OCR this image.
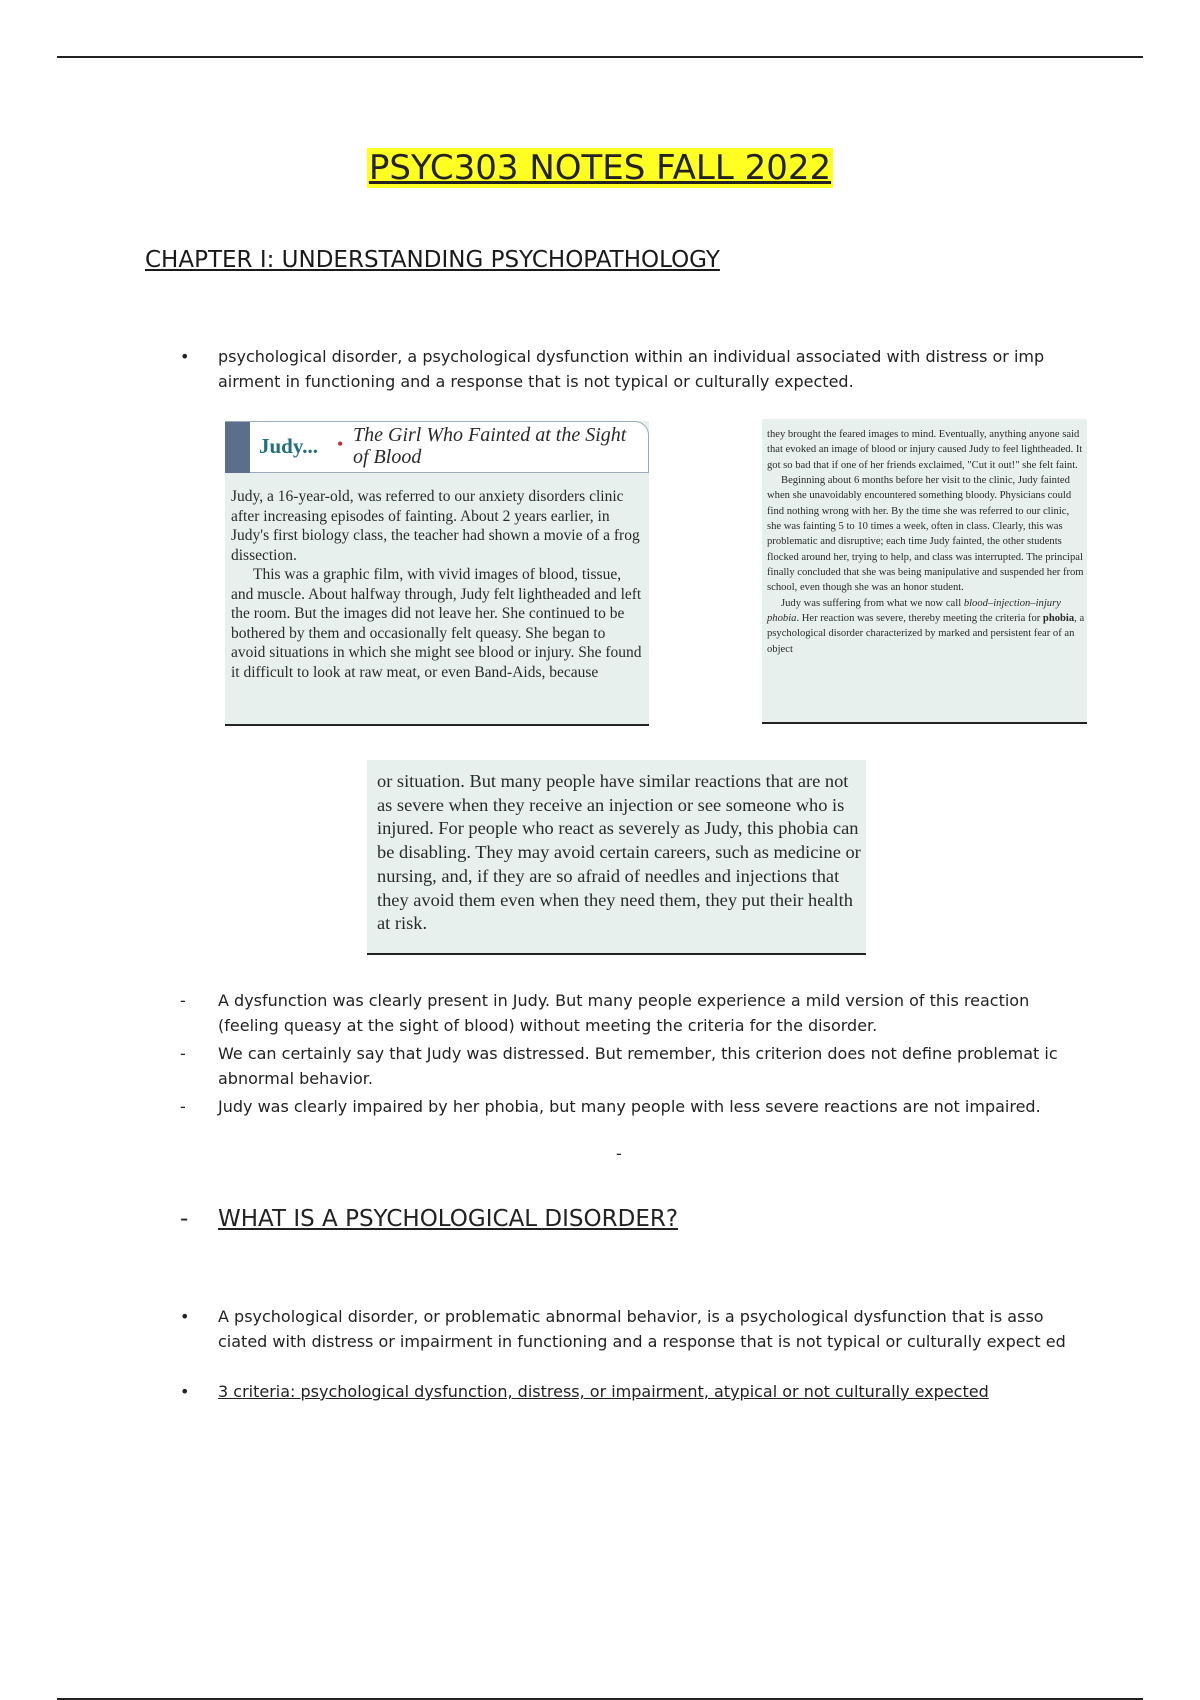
PSYC303 NOTES FALL 2022
CHAPTER I: UNDERSTANDING PSYCHOPATHOLOGY
•	psychological disorder, a psychological dysfunction within an individual associated with distress or imp airment in functioning and a response that is not typical or culturally expected.
Judy... • The Girl Who Fainted at the Sight of Blood

Judy, a 16-year-old, was referred to our anxiety disorders clinic after increasing episodes of fainting. About 2 years earlier, in Judy's first biology class, the teacher had shown a movie of a frog dissection.

This was a graphic film, with vivid images of blood, tissue, and muscle. About halfway through, Judy felt lightheaded and left the room. But the images did not leave her. She continued to be bothered by them and occasionally felt queasy. She began to avoid situations in which she might see blood or injury. She found it difficult to look at raw meat, or even Band-Aids, because

they brought the feared images to mind. Eventually, anything anyone said that evoked an image of blood or injury caused Judy to feel lightheaded. It got so bad that if one of her friends exclaimed, "Cut it out!" she felt faint.

Beginning about 6 months before her visit to the clinic, Judy fainted when she unavoidably encountered something bloody. Physicians could find nothing wrong with her. By the time she was referred to our clinic, she was fainting 5 to 10 times a week, often in class. Clearly, this was problematic and disruptive; each time Judy fainted, the other students flocked around her, trying to help, and class was interrupted. The principal finally concluded that she was being manipulative and suspended her from school, even though she was an honor student.

Judy was suffering from what we now call blood–injection–injury phobia. Her reaction was severe, thereby meeting the criteria for phobia, a psychological disorder characterized by marked and persistent fear of an object

or situation. But many people have similar reactions that are not as severe when they receive an injection or see someone who is injured. For people who react as severely as Judy, this phobia can be disabling. They may avoid certain careers, such as medicine or nursing, and, if they are so afraid of needles and injections that they avoid them even when they need them, they put their health at risk.
- A dysfunction was clearly present in Judy. But many people experience a mild version of this reaction (feeling queasy at the sight of blood) without meeting the criteria for the disorder.
- We can certainly say that Judy was distressed. But remember, this criterion does not define problemat ic abnormal behavior.
- Judy was clearly impaired by her phobia, but many people with less severe reactions are not impaired.
-
- WHAT IS A PSYCHOLOGICAL DISORDER?
•	A psychological disorder, or problematic abnormal behavior, is a psychological dysfunction that is asso ciated with distress or impairment in functioning and a response that is not typical or culturally expect ed
•	3 criteria: psychological dysfunction, distress, or impairment, atypical or not culturally expected
